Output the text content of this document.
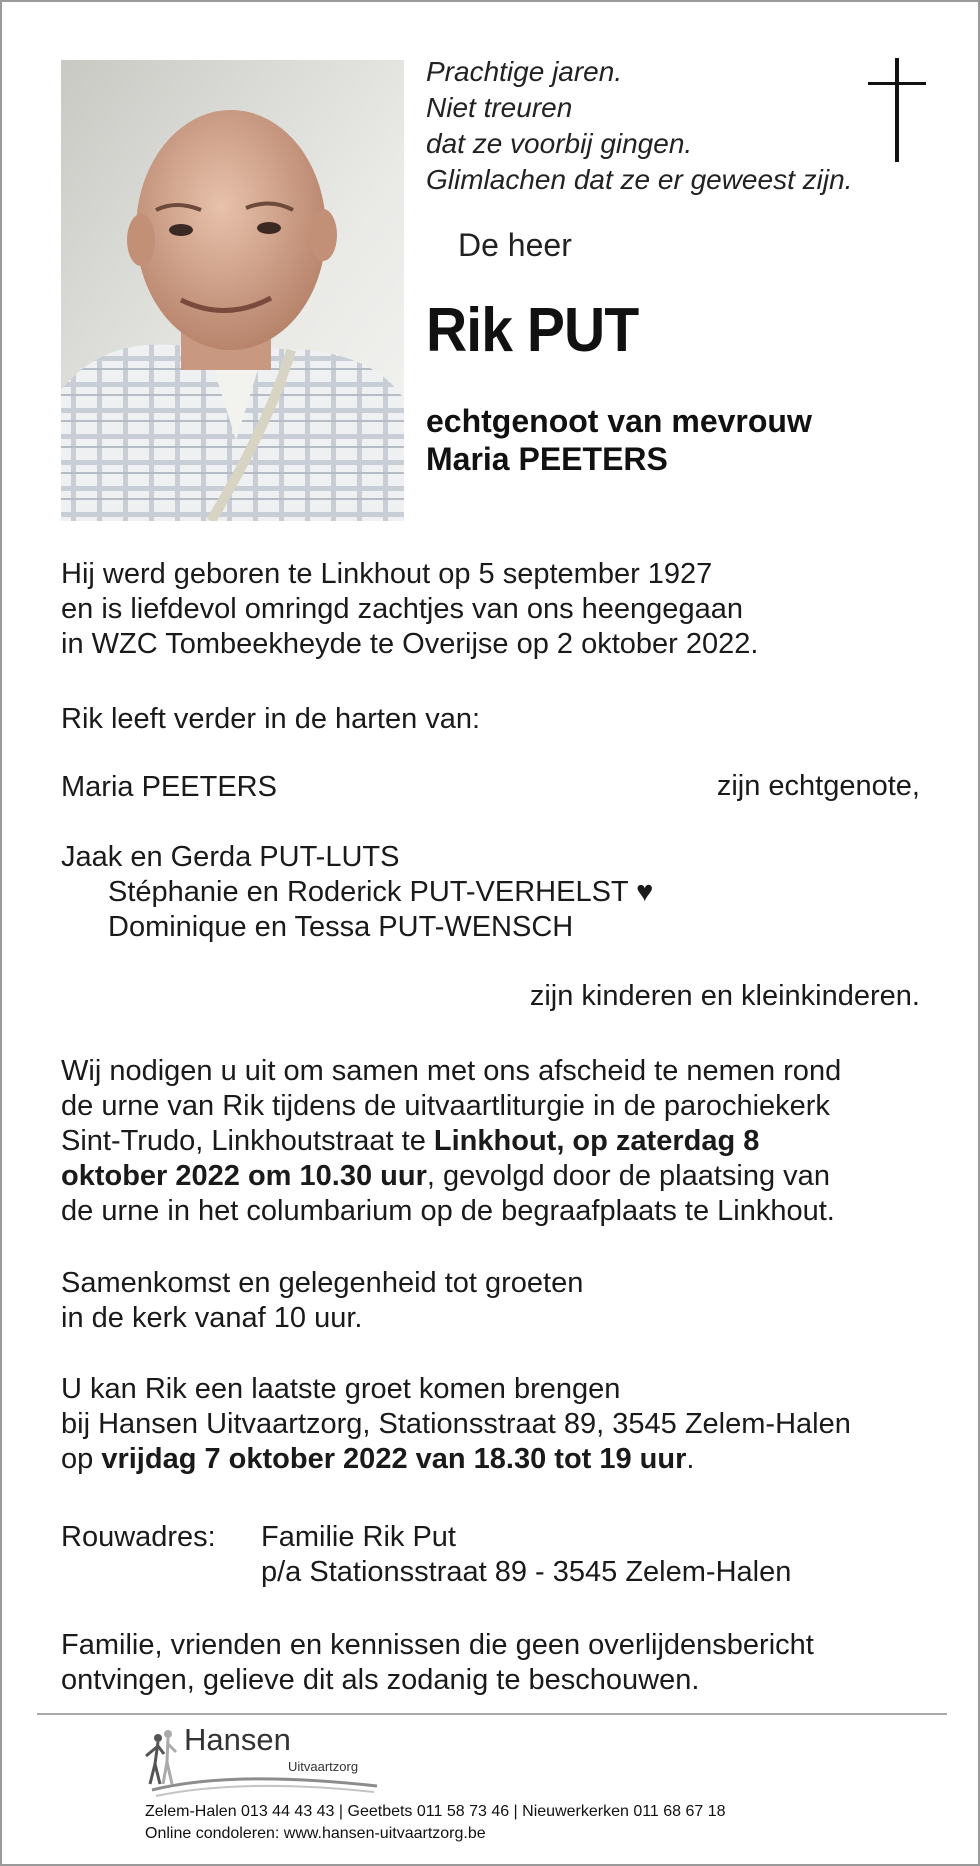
Prachtige jaren.
Niet treuren
dat ze voorbij gingen.
Glimlachen dat ze er geweest zijn.
De heer
Rik PUT
echtgenoot van mevrouw
Maria PEETERS
Hij werd geboren te Linkhout op 5 september 1927
en is liefdevol omringd zachtjes van ons heengegaan
in WZC Tombeekheyde te Overijse op 2 oktober 2022.
Rik leeft verder in de harten van:
Maria PEETERS	zijn echtgenote,
Jaak en Gerda PUT-LUTS
Stéphanie en Roderick PUT-VERHELST ♥
Dominique en Tessa PUT-WENSCH
zijn kinderen en kleinkinderen.
Wij nodigen u uit om samen met ons afscheid te nemen rond
de urne van Rik tijdens de uitvaartliturgie in de parochiekerk
Sint-Trudo, Linkhoutstraat te Linkhout, op zaterdag 8
oktober 2022 om 10.30 uur, gevolgd door de plaatsing van
de urne in het columbarium op de begraafplaats te Linkhout.
Samenkomst en gelegenheid tot groeten
in de kerk vanaf 10 uur.
U kan Rik een laatste groet komen brengen
bij Hansen Uitvaartzorg, Stationsstraat 89, 3545 Zelem-Halen
op vrijdag 7 oktober 2022 van 18.30 tot 19 uur.
Rouwadres: Familie Rik Put
p/a Stationsstraat 89 - 3545 Zelem-Halen
Familie, vrienden en kennissen die geen overlijdensbericht
ontvingen, gelieve dit als zodanig te beschouwen.
Hansen
Uitvaartzorg
Zelem-Halen 013 44 43 43 | Geetbets 011 58 73 46 | Nieuwerkerken 011 68 67 18
Online condoleren: www.hansen-uitvaartzorg.be
